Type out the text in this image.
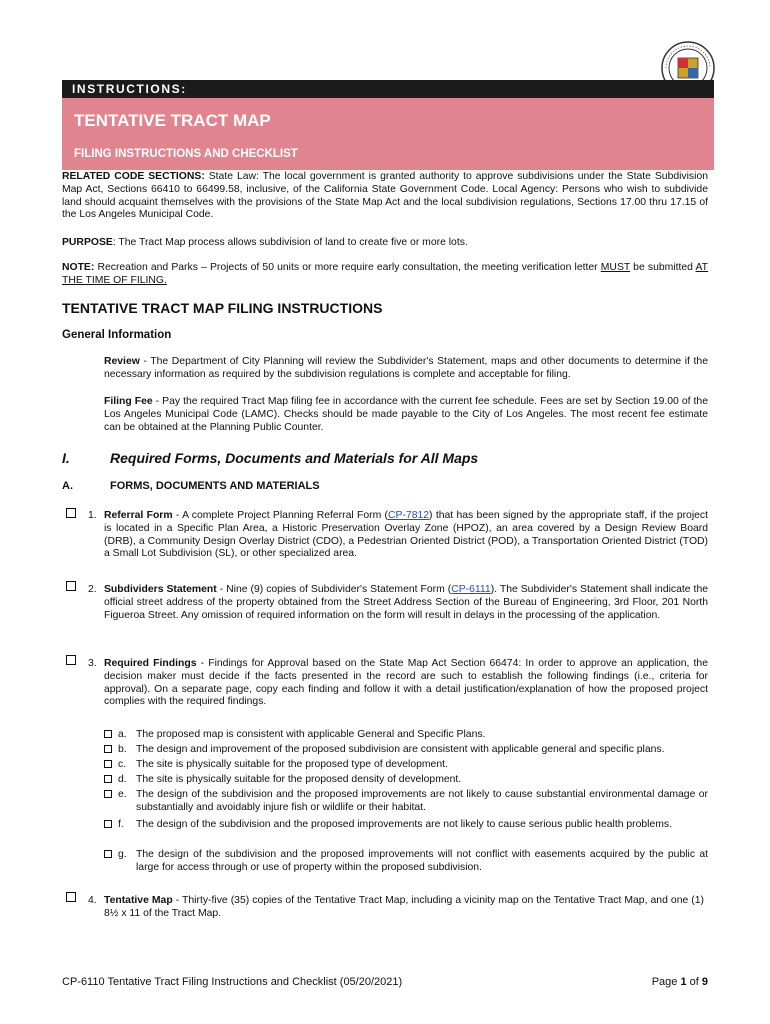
INSTRUCTIONS:
TENTATIVE TRACT MAP
FILING INSTRUCTIONS AND CHECKLIST

RELATED CODE SECTIONS: State Law: The local government is granted authority to approve subdivisions under the State Subdivision Map Act, Sections 66410 to 66499.58, inclusive, of the California State Government Code. Local Agency: Persons who wish to subdivide land should acquaint themselves with the provisions of the State Map Act and the local subdivision regulations, Sections 17.00 thru 17.15 of the Los Angeles Municipal Code.

PURPOSE: The Tract Map process allows subdivision of land to create five or more lots.

NOTE: Recreation and Parks – Projects of 50 units or more require early consultation, the meeting verification letter MUST be submitted AT THE TIME OF FILING.

TENTATIVE TRACT MAP FILING INSTRUCTIONS
General Information

Review - The Department of City Planning will review the Subdivider's Statement, maps and other documents to determine if the necessary information as required by the subdivision regulations is complete and acceptable for filing.

Filing Fee - Pay the required Tract Map filing fee in accordance with the current fee schedule. Fees are set by Section 19.00 of the Los Angeles Municipal Code (LAMC). Checks should be made payable to the City of Los Angeles. The most recent fee estimate can be obtained at the Planning Public Counter.

I.	Required Forms, Documents and Materials for All Maps
A.	FORMS, DOCUMENTS AND MATERIALS
1. Referral Form - A complete Project Planning Referral Form (CP-7812) that has been signed by the appropriate staff, if the project is located in a Specific Plan Area, a Historic Preservation Overlay Zone (HPOZ), an area covered by a Design Review Board (DRB), a Community Design Overlay District (CDO), a Pedestrian Oriented District (POD), a Transportation Oriented District (TOD) a Small Lot Subdivision (SL), or other specialized area.

2. Subdividers Statement - Nine (9) copies of Subdivider's Statement Form (CP-6111). The Subdivider's Statement shall indicate the official street address of the property obtained from the Street Address Section of the Bureau of Engineering, 3rd Floor, 201 North Figueroa Street. Any omission of required information on the form will result in delays in the processing of the application.

3. Required Findings - Findings for Approval based on the State Map Act Section 66474: In order to approve an application, the decision maker must decide if the facts presented in the record are such to establish the following findings (i.e., criteria for approval). On a separate page, copy each finding and follow it with a detail justification/explanation of how the proposed project complies with the required findings.

a. The proposed map is consistent with applicable General and Specific Plans.
b. The design and improvement of the proposed subdivision are consistent with applicable general and specific plans.
c. The site is physically suitable for the proposed type of development.
d. The site is physically suitable for the proposed density of development.
e. The design of the subdivision and the proposed improvements are not likely to cause substantial environmental damage or substantially and avoidably injure fish or wildlife or their habitat.
f. The design of the subdivision and the proposed improvements are not likely to cause serious public health problems.
g. The design of the subdivision and the proposed improvements will not conflict with easements acquired by the public at large for access through or use of property within the proposed subdivision.
4. Tentative Map - Thirty-five (35) copies of the Tentative Tract Map, including a vicinity map on the Tentative Tract Map, and one (1) 8½ x 11 of the Tract Map.

CP-6110 Tentative Tract Filing Instructions and Checklist (05/20/2021)	Page 1 of 9
